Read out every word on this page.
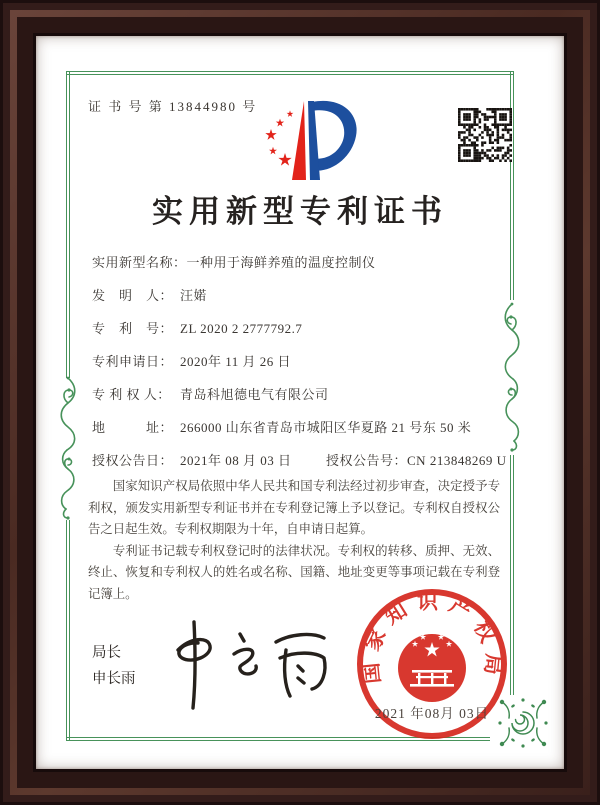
证 书 号 第 13844980 号
实用新型专利证书
实用新型名称：一种用于海鲜养殖的温度控制仪
发　明　人： 汪婼
专　利　号： ZL 2020 2 2777792.7
专利申请日： 2020年 11 月 26 日
专 利 权 人： 青岛科旭德电气有限公司
地　　　址： 266000 山东省青岛市城阳区华夏路 21 号东 50 米
授权公告日： 2021年 08 月 03 日	授权公告号：CN 213848269 U

国家知识产权局依照中华人民共和国专利法经过初步审查，决定授予专利权，颁发实用新型专利证书并在专利登记簿上予以登记。专利权自授权公告之日起生效。专利权期限为十年，自申请日起算。

专利证书记载专利权登记时的法律状况。专利权的转移、质押、无效、终止、恢复和专利权人的姓名或名称、国籍、地址变更等事项记载在专利登记簿上。

局长
申长雨	国家知识产权局
2021 年08月 03日
